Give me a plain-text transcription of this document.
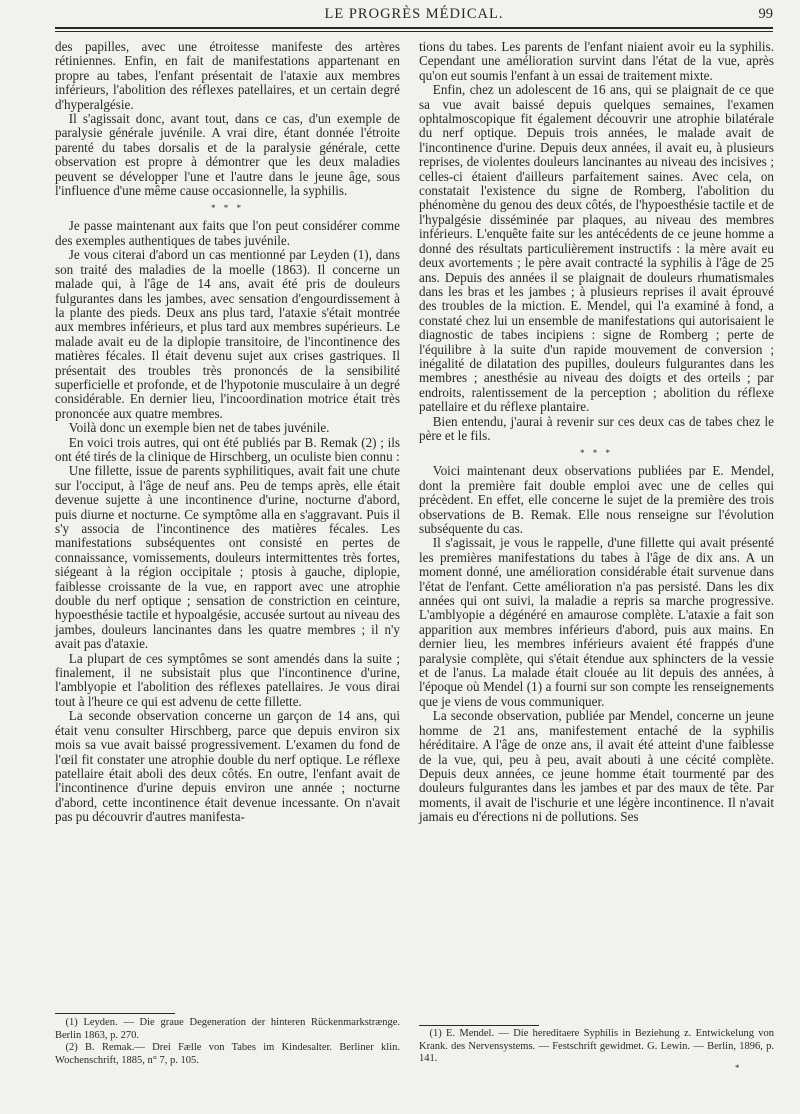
LE PROGRÈS MÉDICAL.	99

des papilles, avec une étroitesse manifeste des artères rétiniennes. Enfin, en fait de manifestations appartenant en propre au tabes, l'enfant présentait de l'ataxie aux membres inférieurs, l'abolition des réflexes patellaires, et un certain degré d'hyperalgésie.

Il s'agissait donc, avant tout, dans ce cas, d'un exemple de paralysie générale juvénile. A vrai dire, étant donnée l'étroite parenté du tabes dorsalis et de la paralysie générale, cette observation est propre à démontrer que les deux maladies peuvent se développer l'une et l'autre dans le jeune âge, sous l'influence d'une même cause occasionnelle, la syphilis.

* * *

Je passe maintenant aux faits que l'on peut considérer comme des exemples authentiques de tabes juvénile.

Je vous citerai d'abord un cas mentionné par Leyden (1), dans son traité des maladies de la moelle (1863). Il concerne un malade qui, à l'âge de 14 ans, avait été pris de douleurs fulgurantes dans les jambes, avec sensation d'engourdissement à la plante des pieds. Deux ans plus tard, l'ataxie s'était montrée aux membres inférieurs, et plus tard aux membres supérieurs. Le malade avait eu de la diplopie transitoire, de l'incontinence des matières fécales. Il était devenu sujet aux crises gastriques. Il présentait des troubles très prononcés de la sensibilité superficielle et profonde, et de l'hypotonie musculaire à un degré considérable. En dernier lieu, l'incoordination motrice était très prononcée aux quatre membres.

Voilà donc un exemple bien net de tabes juvénile.

En voici trois autres, qui ont été publiés par B. Remak (2) ; ils ont été tirés de la clinique de Hirschberg, un oculiste bien connu :

Une fillette, issue de parents syphilitiques, avait fait une chute sur l'occiput, à l'âge de neuf ans. Peu de temps après, elle était devenue sujette à une incontinence d'urine, nocturne d'abord, puis diurne et nocturne. Ce symptôme alla en s'aggravant. Puis il s'y associa de l'incontinence des matières fécales. Les manifestations subséquentes ont consisté en pertes de connaissance, vomissements, douleurs intermittentes très fortes, siégeant à la région occipitale ; ptosis à gauche, diplopie, faiblesse croissante de la vue, en rapport avec une atrophie double du nerf optique ; sensation de constriction en ceinture, hypoesthésie tactile et hypoalgésie, accusée surtout au niveau des jambes, douleurs lancinantes dans les quatre membres ; il n'y avait pas d'ataxie.

La plupart de ces symptômes se sont amendés dans la suite ; finalement, il ne subsistait plus que l'incontinence d'urine, l'amblyopie et l'abolition des réflexes patellaires. Je vous dirai tout à l'heure ce qui est advenu de cette fillette.

La seconde observation concerne un garçon de 14 ans, qui était venu consulter Hirschberg, parce que depuis environ six mois sa vue avait baissé progressivement. L'examen du fond de l'œil fit constater une atrophie double du nerf optique. Le réflexe patellaire était aboli des deux côtés. En outre, l'enfant avait de l'incontinence d'urine depuis environ une année ; nocturne d'abord, cette incontinence était devenue incessante. On n'avait pas pu découvrir d'autres manifesta-

(1) Leyden. — Die graue Degeneration der hinteren Rückenmarkstrænge. Berlin 1863, p. 270.

(2) B. Remak.— Drei Fælle von Tabes im Kindesalter. Berliner klin. Wochenschrift, 1885, n° 7, p. 105.

tions du tabes. Les parents de l'enfant niaient avoir eu la syphilis. Cependant une amélioration survint dans l'état de la vue, après qu'on eut soumis l'enfant à un essai de traitement mixte.

Enfin, chez un adolescent de 16 ans, qui se plaignait de ce que sa vue avait baissé depuis quelques semaines, l'examen ophtalmoscopique fit également découvrir une atrophie bilatérale du nerf optique. Depuis trois années, le malade avait de l'incontinence d'urine. Depuis deux années, il avait eu, à plusieurs reprises, de violentes douleurs lancinantes au niveau des incisives ; celles-ci étaient d'ailleurs parfaitement saines. Avec cela, on constatait l'existence du signe de Romberg, l'abolition du phénomène du genou des deux côtés, de l'hypoesthésie tactile et de l'hypalgésie disséminée par plaques, au niveau des membres inférieurs. L'enquête faite sur les antécédents de ce jeune homme a donné des résultats particulièrement instructifs : la mère avait eu deux avortements ; le père avait contracté la syphilis à l'âge de 25 ans. Depuis des années il se plaignait de douleurs rhumatismales dans les bras et les jambes ; à plusieurs reprises il avait éprouvé des troubles de la miction. E. Mendel, qui l'a examiné à fond, a constaté chez lui un ensemble de manifestations qui autorisaient le diagnostic de tabes incipiens : signe de Romberg ; perte de l'équilibre à la suite d'un rapide mouvement de conversion ; inégalité de dilatation des pupilles, douleurs fulgurantes dans les membres ; anesthésie au niveau des doigts et des orteils ; par endroits, ralentissement de la perception ; abolition du réflexe patellaire et du réflexe plantaire.

Bien entendu, j'aurai à revenir sur ces deux cas de tabes chez le père et le fils.

* * *

Voici maintenant deux observations publiées par E. Mendel, dont la première fait double emploi avec une de celles qui précèdent. En effet, elle concerne le sujet de la première des trois observations de B. Remak. Elle nous renseigne sur l'évolution subséquente du cas.

Il s'agissait, je vous le rappelle, d'une fillette qui avait présenté les premières manifestations du tabes à l'âge de dix ans. A un moment donné, une amélioration considérable était survenue dans l'état de l'enfant. Cette amélioration n'a pas persisté. Dans les dix années qui ont suivi, la maladie a repris sa marche progressive. L'amblyopie a dégénéré en amaurose complète. L'ataxie a fait son apparition aux membres inférieurs d'abord, puis aux mains. En dernier lieu, les membres inférieurs avaient été frappés d'une paralysie complète, qui s'était étendue aux sphincters de la vessie et de l'anus. La malade était clouée au lit depuis des années, à l'époque où Mendel (1) a fourni sur son compte les renseignements que je viens de vous communiquer.

La seconde observation, publiée par Mendel, concerne un jeune homme de 21 ans, manifestement entaché de la syphilis héréditaire. A l'âge de onze ans, il avait été atteint d'une faiblesse de la vue, qui, peu à peu, avait abouti à une cécité complète. Depuis deux années, ce jeune homme était tourmenté par des douleurs fulgurantes dans les jambes et par des maux de tête. Par moments, il avait de l'ischurie et une légère incontinence. Il n'avait jamais eu d'érections ni de pollutions. Ses

(1) E. Mendel. — Die hereditaere Syphilis in Beziehung z. Entwickelung von Krank. des Nervensystems. — Festschrift gewidmet. G. Lewin. — Berlin, 1896, p. 141.

*
